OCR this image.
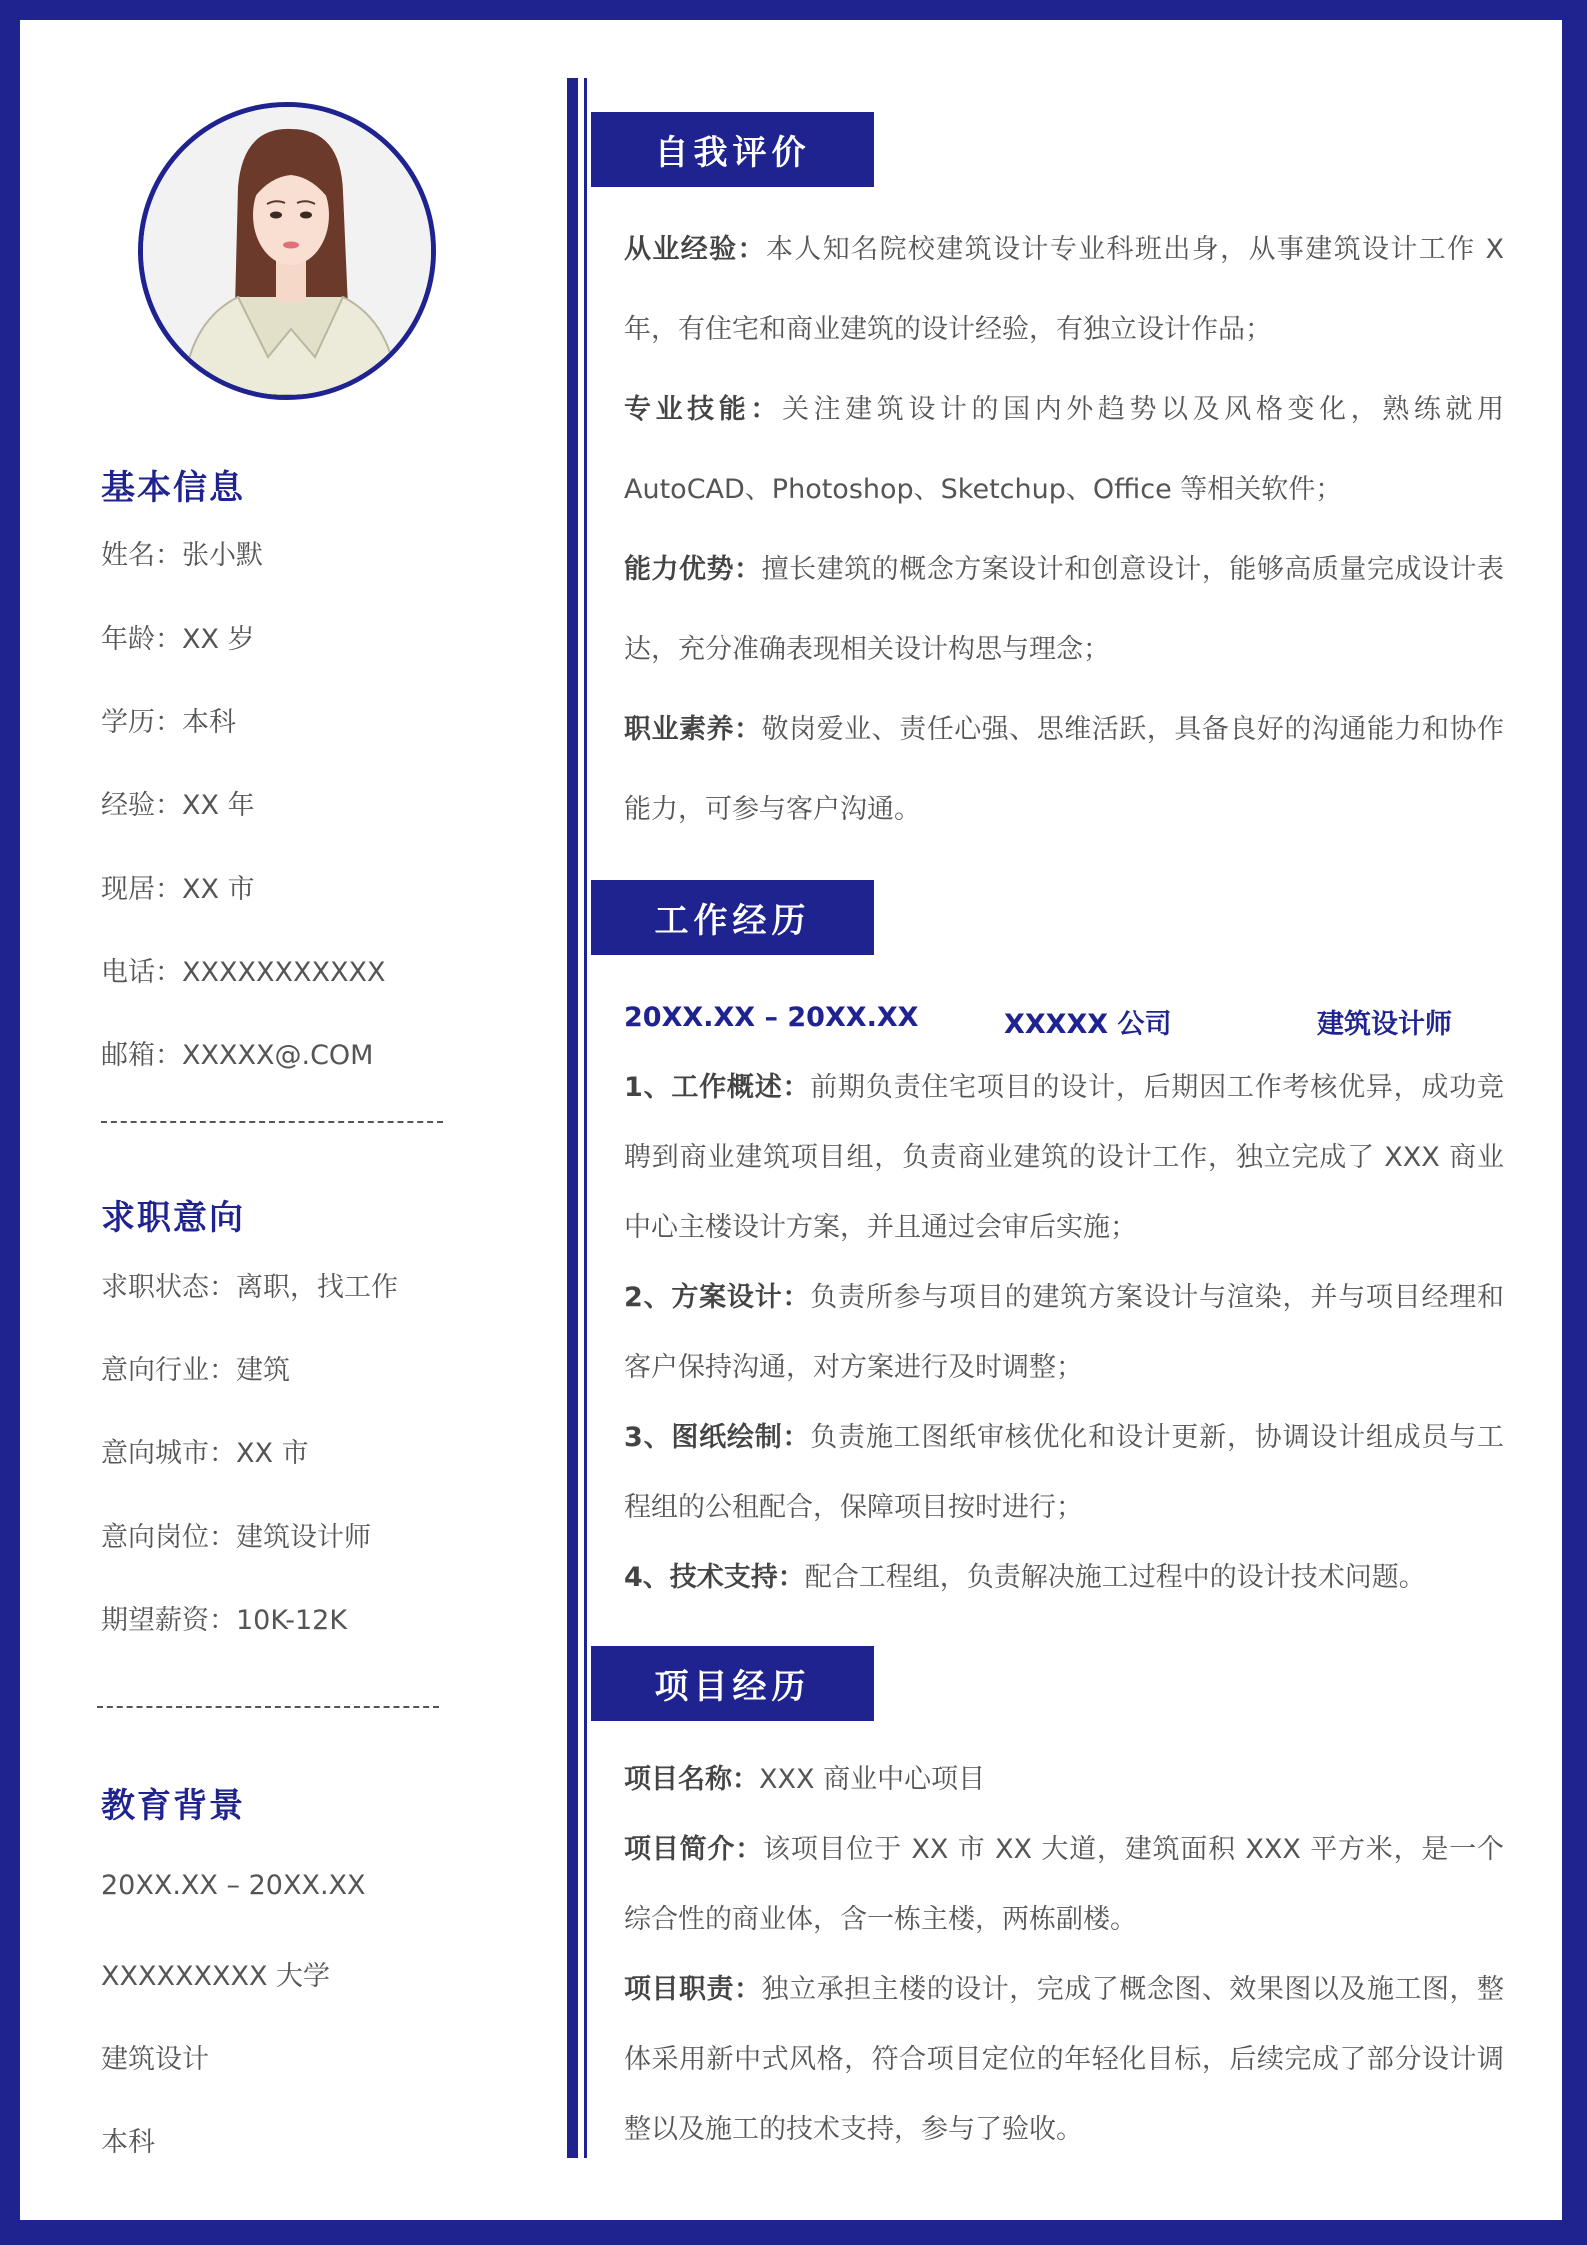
基本信息
姓名：张小默
年龄：XX 岁
学历：本科
经验：XX 年
现居：XX 市
电话：XXXXXXXXXXX
邮箱：XXXXX@.COM
求职意向
求职状态：离职，找工作
意向行业：建筑
意向城市：XX 市
意向岗位：建筑设计师
期望薪资：10K-12K
教育背景
20XX.XX – 20XX.XX
XXXXXXXXX 大学
建筑设计
本科
自我评价

从业经验：本人知名院校建筑设计专业科班出身，从事建筑设计工作 X 年，有住宅和商业建筑的设计经验，有独立设计作品；

专业技能：关注建筑设计的国内外趋势以及风格变化，熟练就用 AutoCAD、Photoshop、Sketchup、Office 等相关软件；

能力优势：擅长建筑的概念方案设计和创意设计，能够高质量完成设计表达，充分准确表现相关设计构思与理念；

职业素养：敬岗爱业、责任心强、思维活跃，具备良好的沟通能力和协作能力，可参与客户沟通。

工作经历
20XX.XX – 20XX.XX	XXXXX 公司	建筑设计师

1、工作概述：前期负责住宅项目的设计，后期因工作考核优异，成功竞聘到商业建筑项目组，负责商业建筑的设计工作，独立完成了 XXX 商业中心主楼设计方案，并且通过会审后实施；

2、方案设计：负责所参与项目的建筑方案设计与渲染，并与项目经理和客户保持沟通，对方案进行及时调整；

3、图纸绘制：负责施工图纸审核优化和设计更新，协调设计组成员与工程组的公租配合，保障项目按时进行；

4、技术支持：配合工程组，负责解决施工过程中的设计技术问题。

项目经历

项目名称：XXX 商业中心项目

项目简介：该项目位于 XX 市 XX 大道，建筑面积 XXX 平方米，是一个综合性的商业体，含一栋主楼，两栋副楼。

项目职责：独立承担主楼的设计，完成了概念图、效果图以及施工图，整体采用新中式风格，符合项目定位的年轻化目标，后续完成了部分设计调整以及施工的技术支持，参与了验收。
